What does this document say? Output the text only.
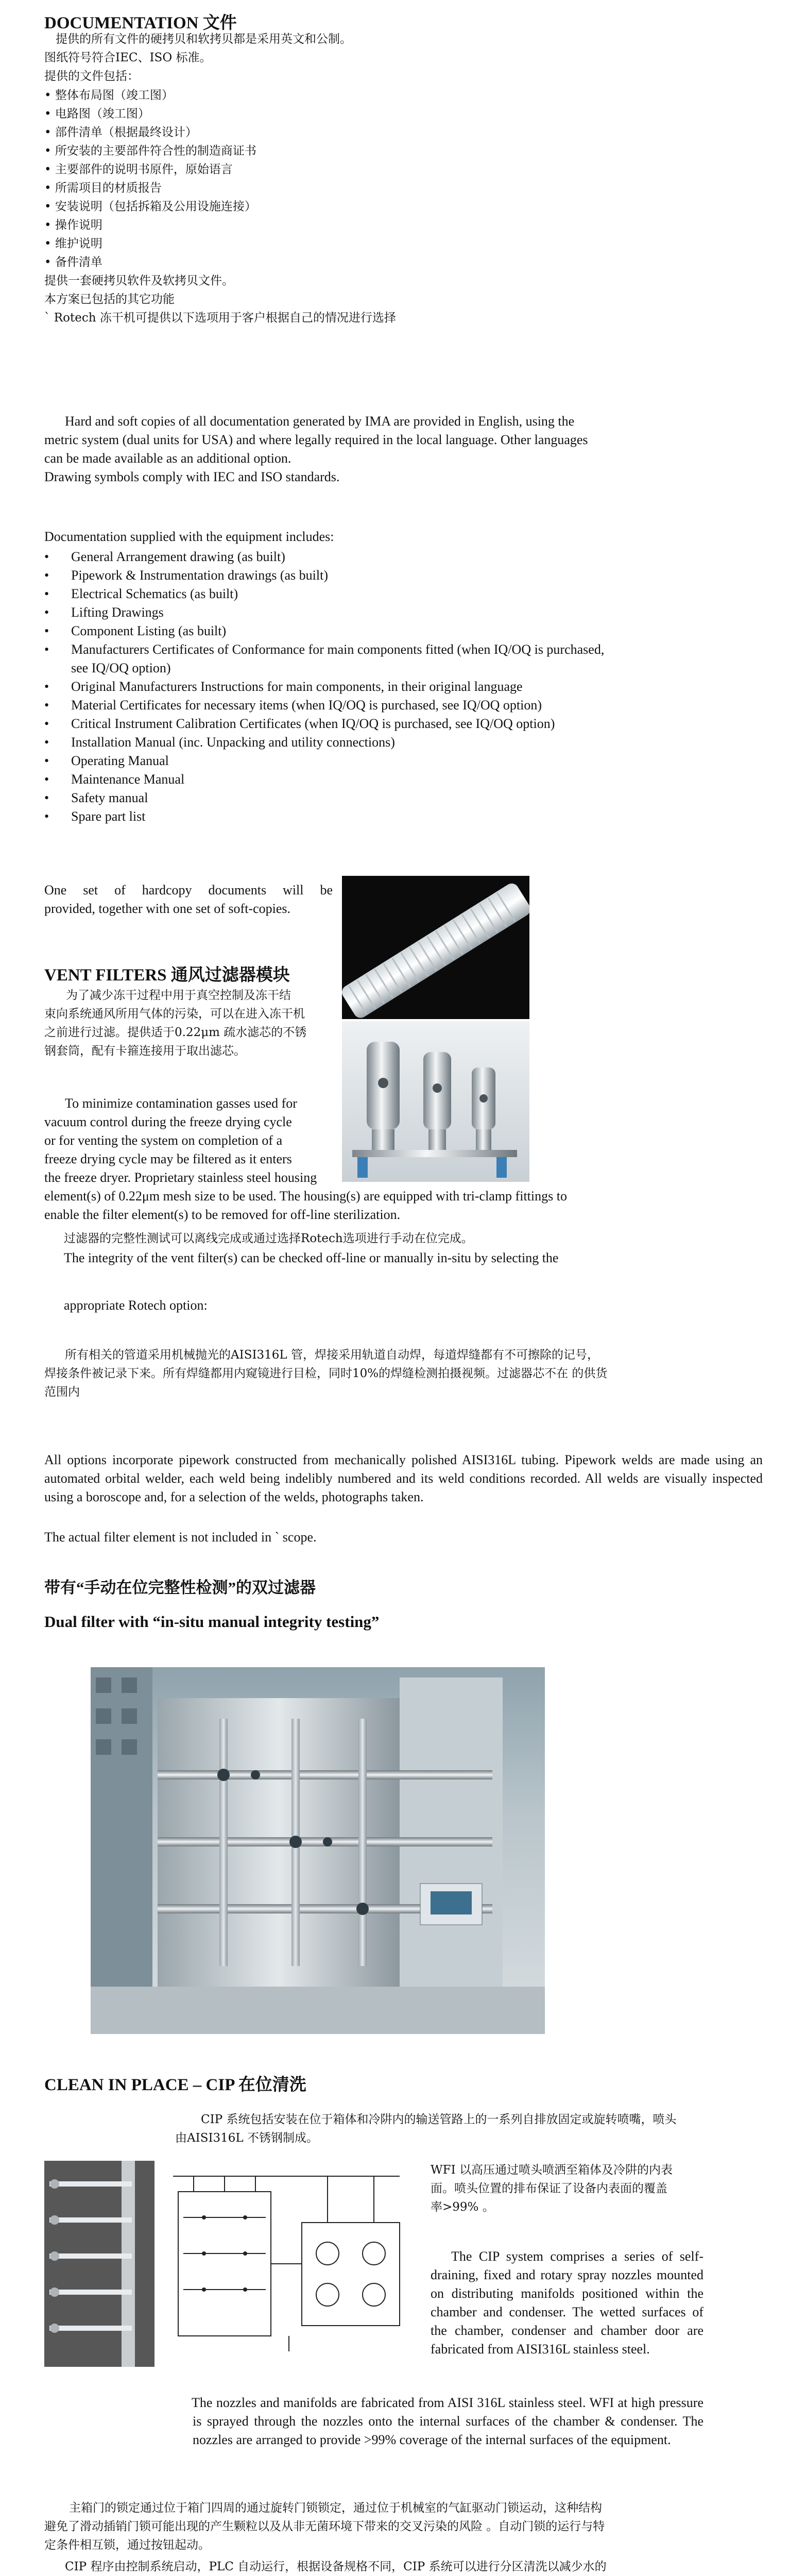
DOCUMENTATION 文件

提供的所有文件的硬拷贝和软拷贝都是采用英文和公制。

图纸符号符合IEC、ISO 标准。

提供的文件包括：

• 整体布局图（竣工图）

• 电路图（竣工图）

• 部件清单（根据最终设计）

• 所安装的主要部件符合性的制造商证书

• 主要部件的说明书原件，原始语言

• 所需项目的材质报告

• 安装说明（包括拆箱及公用设施连接）

• 操作说明

• 维护说明

• 备件清单

提供一套硬拷贝软件及软拷贝文件。

本方案已包括的其它功能

` Rotech 冻干机可提供以下选项用于客户根据自己的情况进行选择

Hard and soft copies of all documentation generated by IMA are provided in English, using the

metric system (dual units for USA) and where legally required in the local language. Other languages

can be made available as an additional option.

Drawing symbols comply with IEC and ISO standards.

Documentation supplied with the equipment includes:

• General Arrangement drawing (as built)

• Pipework & Instrumentation drawings (as built)

• Electrical Schematics (as built)

• Lifting Drawings

• Component Listing (as built)

• Manufacturers Certificates of Conformance for main components fitted (when IQ/OQ is purchased,

see IQ/OQ option)

• Original Manufacturers Instructions for main components, in their original language

• Material Certificates for necessary items (when IQ/OQ is purchased, see IQ/OQ option)

• Critical Instrument Calibration Certificates (when IQ/OQ is purchased, see IQ/OQ option)

• Installation Manual (inc. Unpacking and utility connections)

• Operating Manual

• Maintenance Manual

• Safety manual

• Spare part list

One set of hardcopy documents will be

provided, together with one set of soft-copies.

VENT FILTERS 通风过滤器模块

为了减少冻干过程中用于真空控制及冻干结

束向系统通风所用气体的污染，可以在进入冻干机

之前进行过滤。提供适于0.22μm 疏水滤芯的不锈

钢套筒，配有卡箍连接用于取出滤芯。

To minimize contamination gasses used for

vacuum control during the freeze drying cycle

or for venting the system on completion of a

freeze drying cycle may be filtered as it enters

the freeze dryer. Proprietary stainless steel housing

element(s) of 0.22μm mesh size to be used. The housing(s) are equipped with tri-clamp fittings to

enable the filter element(s) to be removed for off-line sterilization.

过滤器的完整性测试可以离线完成或通过选择Rotech选项进行手动在位完成。
The integrity of the vent filter(s) can be checked off-line or manually in-situ by selecting the
appropriate Rotech option:

所有相关的管道采用机械抛光的AISI316L 管，焊接采用轨道自动焊，每道焊缝都有不可擦除的记号，

焊接条件被记录下来。所有焊缝都用内窥镜进行目检，同时10%的焊缝检测拍摄视频。过滤器芯不在 的供货

范围内

All options incorporate pipework constructed from mechanically polished AISI316L tubing. Pipework welds are made using an automated orbital welder, each weld being indelibly numbered and its weld conditions recorded. All welds are visually inspected using a boroscope and, for a selection of the welds, photographs taken.

The actual filter element is not included in ` scope.
带有“手动在位完整性检测”的双过滤器
Dual filter with “in-situ manual integrity testing”
CLEAN IN PLACE – CIP 在位清洗

CIP 系统包括安装在位于箱体和冷阱内的输送管路上的一系列自排放固定或旋转喷嘴，喷头

由AISI316L 不锈钢制成。

WFI 以高压通过喷头喷洒至箱体及冷阱的内表

面。喷头位置的排布保证了设备内表面的覆盖

率>99% 。

The CIP system comprises a series of self-draining, fixed and rotary spray nozzles mounted on distributing manifolds positioned within the chamber and condenser. The wetted surfaces of the chamber, condenser and chamber door are fabricated from AISI316L stainless steel.

The nozzles and manifolds are fabricated from AISI 316L stainless steel. WFI at high pressure is sprayed through the nozzles onto the internal surfaces of the chamber & condenser. The nozzles are arranged to provide >99% coverage of the internal surfaces of the equipment.

主箱门的锁定通过位于箱门四周的通过旋转门锁锁定，通过位于机械室的气缸驱动门锁运动，这种结构

避免了滑动插销门锁可能出现的产生颗粒以及从非无菌环境下带来的交叉污染的风险 。自动门锁的运行与特

定条件相互锁，通过按钮起动。

CIP 程序由控制系统启动，PLC 自动运行，根据设备规格不同，CIP 系统可以进行分区清洗以减少水的
